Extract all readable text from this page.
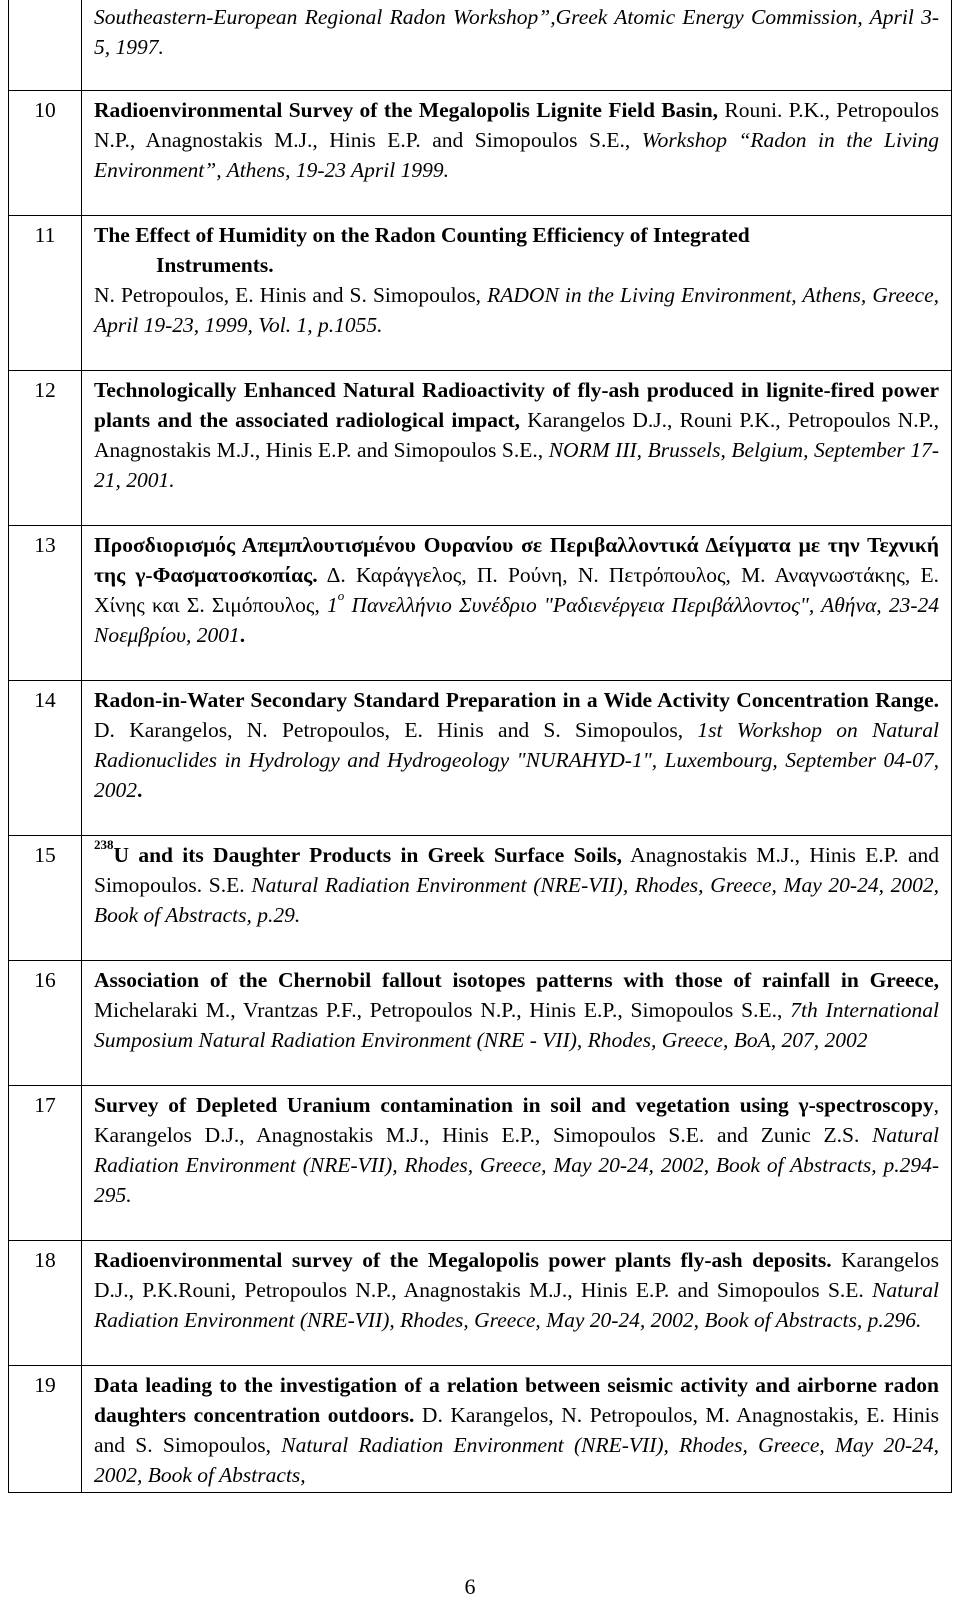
	Southeastern-European Regional Radon Workshop”,Greek Atomic Energy Commission, April 3-5, 1997.
10	Radioenvironmental Survey of the Megalopolis Lignite Field Basin, Rouni. P.K., Petropoulos N.P., Anagnostakis M.J., Hinis E.P. and Simopoulos S.E., Workshop “Radon in the Living Environment”, Athens, 19-23 April 1999.
11	The Effect of Humidity on the Radon Counting Efficiency of Integrated
Instruments.
N. Petropoulos, E. Hinis and S. Simopoulos, RADON in the Living Environment, Athens, Greece, April 19-23, 1999, Vol. 1, p.1055.
12	Technologically Enhanced Natural Radioactivity of fly-ash produced in lignite-fired power plants and the associated radiological impact, Karangelos D.J., Rouni P.K., Petropoulos N.P., Anagnostakis M.J., Hinis E.P. and Simopoulos S.E., NORM III, Brussels, Belgium, September 17-21, 2001.
13	Προσδιορισμός Απεμπλουτισμένου Ουρανίου σε Περιβαλλοντικά Δείγματα με την Τεχνική της γ-Φασματοσκοπίας. Δ. Καράγγελος, Π. Ρούνη, Ν. Πετρόπουλος, Μ. Αναγνωστάκης, Ε. Χίνης και Σ. Σιμόπουλος, 1$^o$ Πανελλήνιο Συνέδριο "Ραδιενέργεια Περιβάλλοντος", Αθήνα, 23-24 Νοεμβρίου, 2001.
14	Radon-in-Water Secondary Standard Preparation in a Wide Activity Concentration Range. D. Karangelos, N. Petropoulos, E. Hinis and S. Simopoulos, 1st Workshop on Natural Radionuclides in Hydrology and Hydrogeology "NURAHYD-1", Luxembourg, September 04-07, 2002.
15	$^{238}$U and its Daughter Products in Greek Surface Soils, Anagnostakis M.J., Hinis E.P. and Simopoulos. S.E. Natural Radiation Environment (NRE-VII), Rhodes, Greece, May 20-24, 2002, Book of Abstracts, p.29.
16	Association of the Chernobil fallout isotopes patterns with those of rainfall in Greece, Michelaraki M., Vrantzas P.F., Petropoulos N.P., Hinis E.P., Simopoulos S.E., 7th International Sumposium Natural Radiation Environment (NRE - VII), Rhodes, Greece, BoA, 207, 2002
17	Survey of Depleted Uranium contamination in soil and vegetation using γ-spectroscopy, Karangelos D.J., Anagnostakis M.J., Hinis E.P., Simopoulos S.E. and Zunic Z.S. Natural Radiation Environment (NRE-VII), Rhodes, Greece, May 20-24, 2002, Book of Abstracts, p.294-295.
18	Radioenvironmental survey of the Megalopolis power plants fly-ash deposits. Karangelos D.J., P.K.Rouni, Petropoulos N.P., Anagnostakis M.J., Hinis E.P. and Simopoulos S.E. Natural Radiation Environment (NRE-VII), Rhodes, Greece, May 20-24, 2002, Book of Abstracts, p.296.
19	Data leading to the investigation of a relation between seismic activity and airborne radon daughters concentration outdoors. D. Karangelos, N. Petropoulos, M. Anagnostakis, E. Hinis and S. Simopoulos, Natural Radiation Environment (NRE-VII), Rhodes, Greece, May 20-24, 2002, Book of Abstracts,
6
